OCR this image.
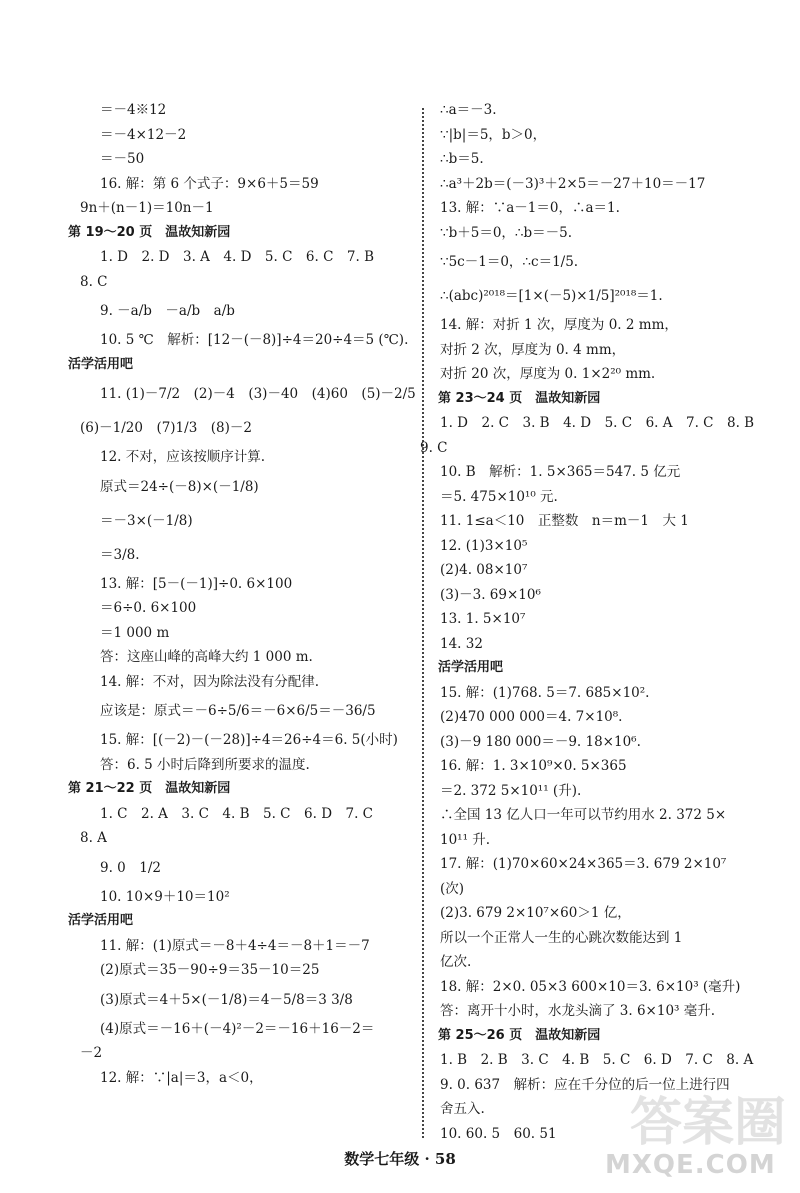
＝－4※12
＝－4×12－2
＝－50
16. 解：第 6 个式子：9×6＋5＝59
9n＋(n－1)＝10n－1
第 19～20 页　温故知新园
1. D　2. D　3. A　4. D　5. C　6. C　7. B
8. C
9. －a/b　－a/b　a/b
10. 5 ℃　解析：[12－(－8)]÷4＝20÷4＝5 (℃).
活学活用吧
11. (1)－7/2　(2)－4　(3)－40　(4)60　(5)－2/5
(6)－1/20　(7)1/3　(8)－2
12. 不对，应该按顺序计算.
原式＝24÷(－8)×(－1/8)
＝－3×(－1/8)
＝3/8.
13. 解：[5－(－1)]÷0. 6×100
＝6÷0. 6×100
＝1 000 m
答：这座山峰的高峰大约 1 000 m.
14. 解：不对，因为除法没有分配律.
应该是：原式＝－6÷5/6＝－6×6/5＝－36/5
15. 解：[(－2)－(－28)]÷4＝26÷4＝6. 5(小时)
答：6. 5 小时后降到所要求的温度.
第 21～22 页　温故知新园
1. C　2. A　3. C　4. B　5. C　6. D　7. C
8. A
9. 0　1/2
10. 10×9＋10＝10²
活学活用吧
11. 解：(1)原式＝－8＋4÷4＝－8＋1＝－7
(2)原式＝35－90÷9＝35－10＝25
(3)原式＝4＋5×(－1/8)＝4－5/8＝3 3/8
(4)原式＝－16＋(－4)²－2＝－16＋16－2＝
－2
12. 解：∵|a|＝3，a＜0，
∴a＝－3.
∵|b|＝5，b＞0，
∴b＝5.
∴a³＋2b＝(－3)³＋2×5＝－27＋10＝－17
13. 解：∵a－1＝0，∴a＝1.
∵b＋5＝0，∴b＝－5.
∵5c－1＝0，∴c＝1/5.
∴(abc)²⁰¹⁸＝[1×(－5)×1/5]²⁰¹⁸＝1.
14. 解：对折 1 次，厚度为 0. 2 mm，
对折 2 次，厚度为 0. 4 mm，
对折 20 次，厚度为 0. 1×2²⁰ mm.
第 23～24 页　温故知新园
1. D　2. C　3. B　4. D　5. C　6. A　7. C　8. B
9. C
10. B　解析：1. 5×365＝547. 5 亿元
＝5. 475×10¹⁰ 元.
11. 1≤a＜10　正整数　n＝m－1　大 1
12. (1)3×10⁵
(2)4. 08×10⁷
(3)－3. 69×10⁶
13. 1. 5×10⁷
14. 32
活学活用吧
15. 解：(1)768. 5＝7. 685×10².
(2)470 000 000＝4. 7×10⁸.
(3)－9 180 000＝－9. 18×10⁶.
16. 解：1. 3×10⁹×0. 5×365
＝2. 372 5×10¹¹ (升).
∴全国 13 亿人口一年可以节约用水 2. 372 5×
10¹¹ 升.
17. 解：(1)70×60×24×365＝3. 679 2×10⁷
(次)
(2)3. 679 2×10⁷×60＞1 亿，
所以一个正常人一生的心跳次数能达到 1
亿次.
18. 解：2×0. 05×3 600×10＝3. 6×10³ (毫升)
答：离开十小时，水龙头滴了 3. 6×10³ 毫升.
第 25～26 页　温故知新园
1. B　2. B　3. C　4. B　5. C　6. D　7. C　8. A
9. 0. 637　解析：应在千分位的后一位上进行四
舍五入.
10. 60. 5　60. 51
数学七年级 · 58
答案圈
MXQE.COM
